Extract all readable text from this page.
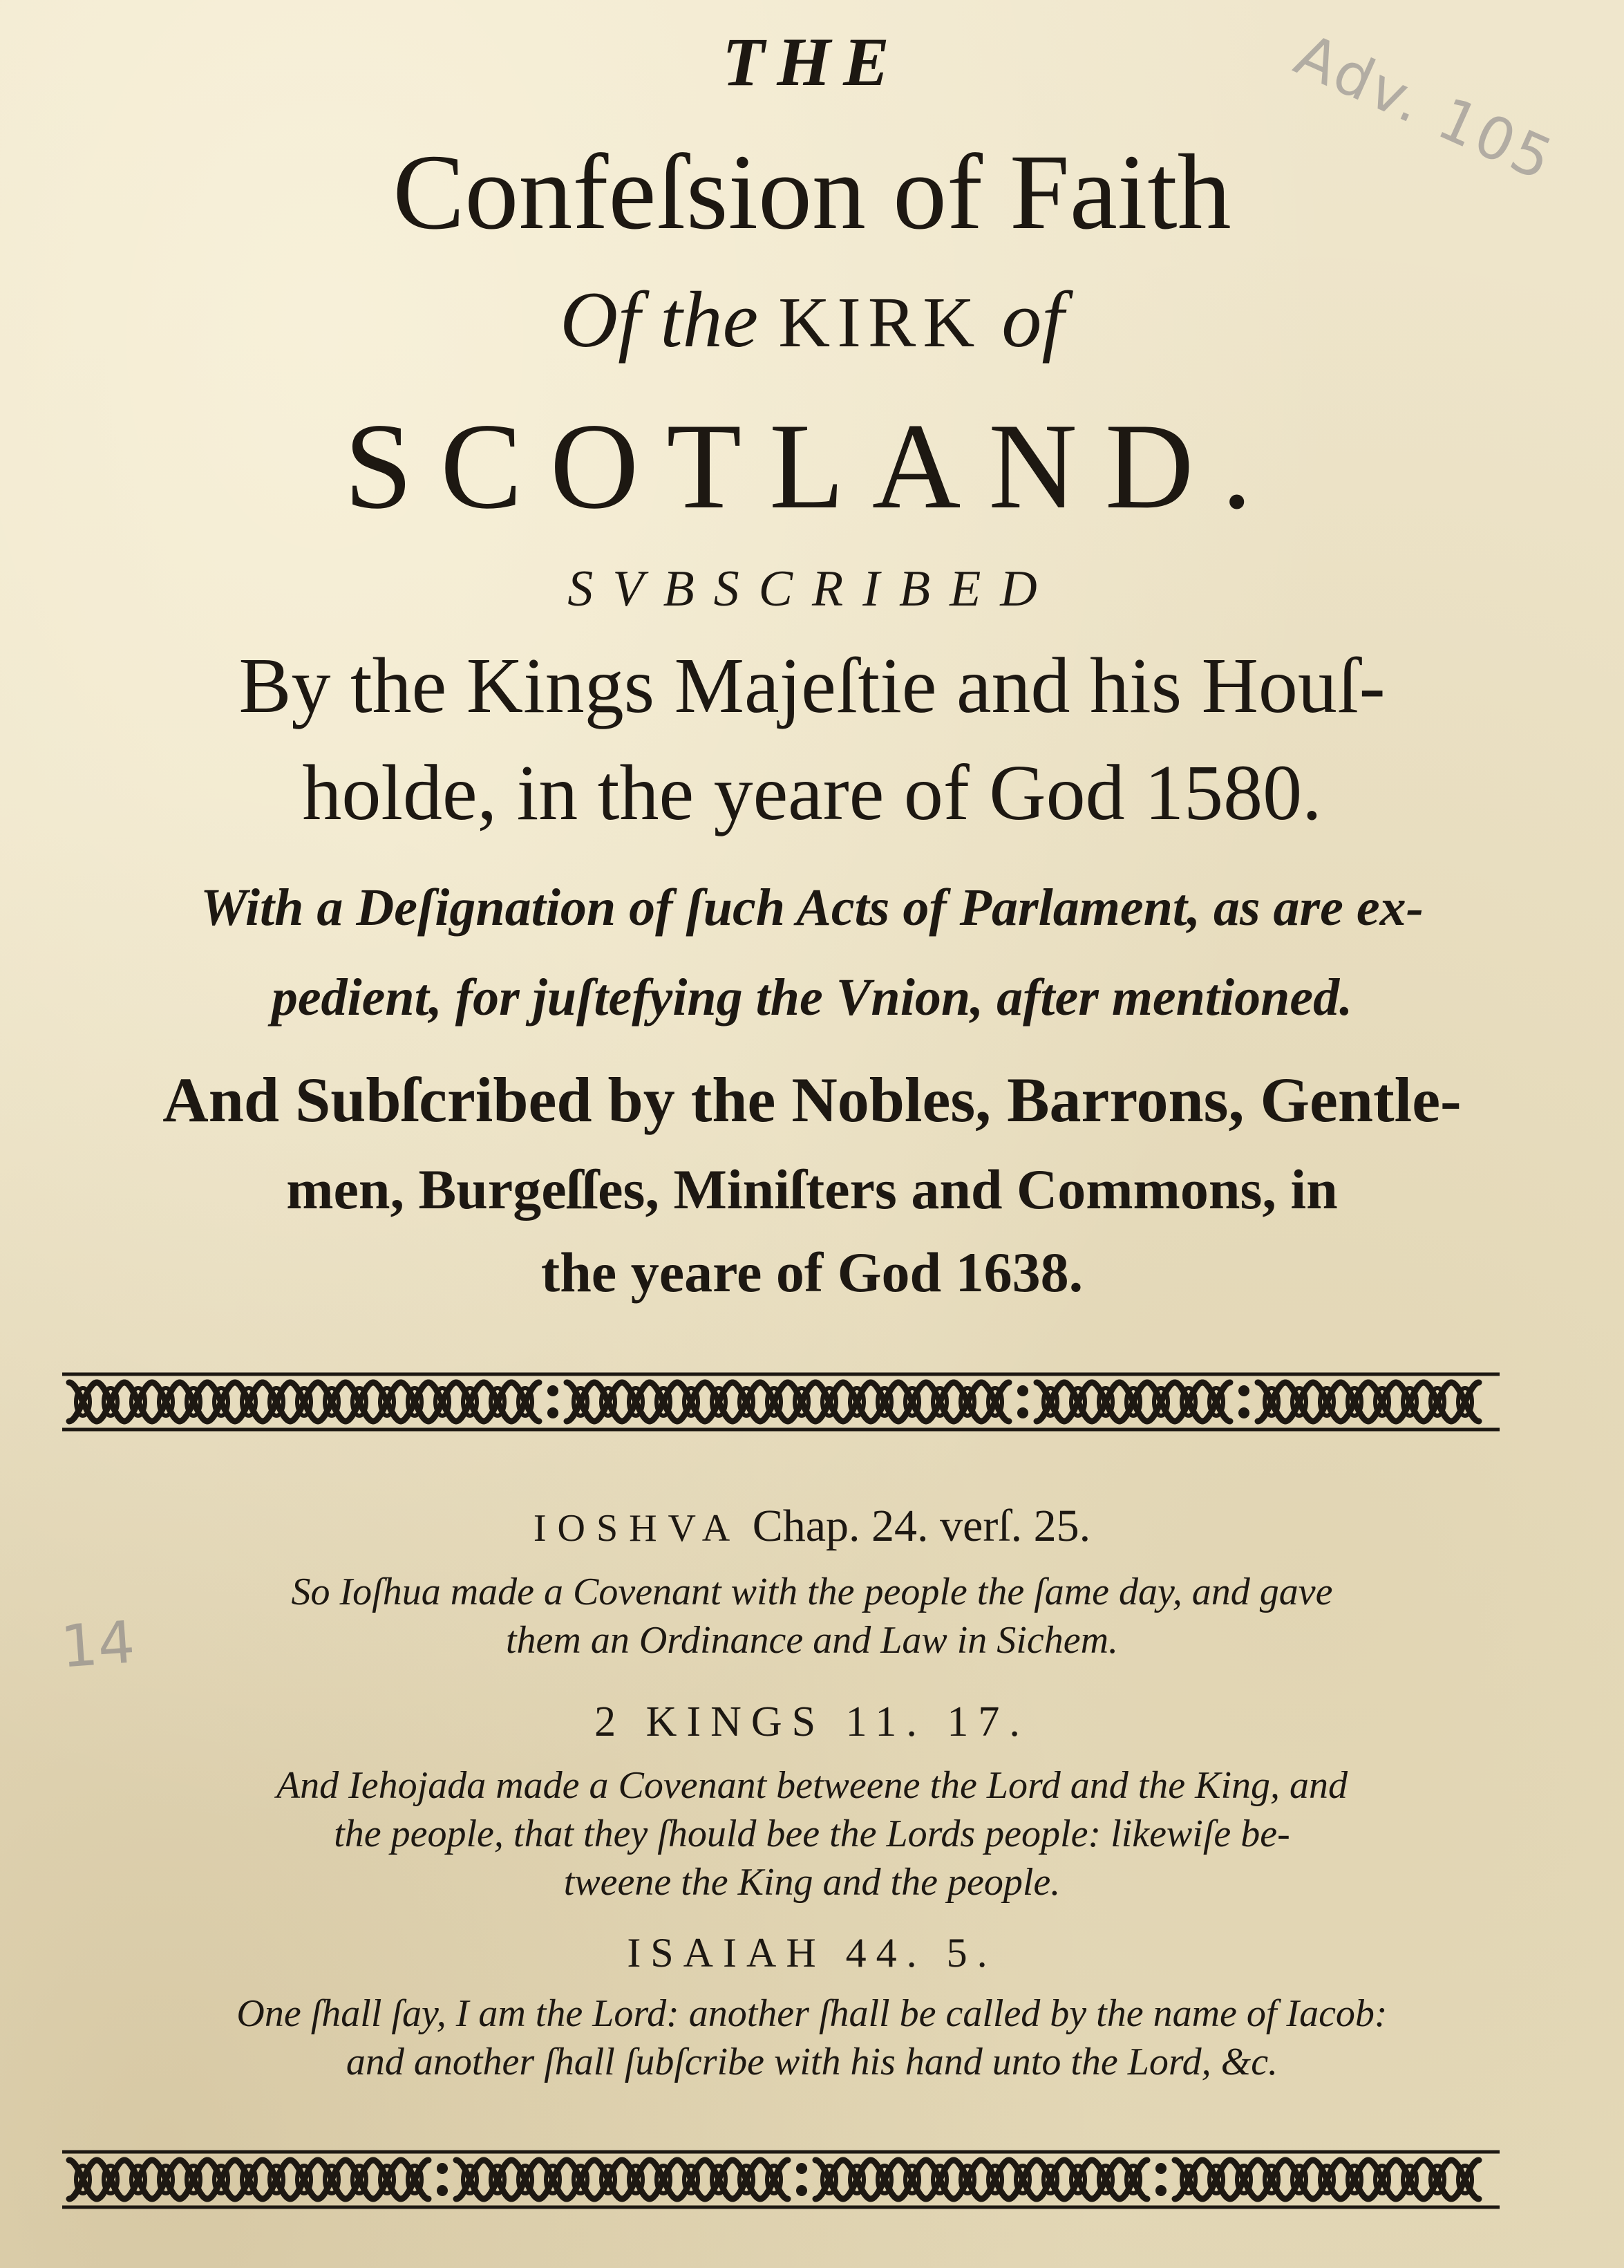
Adv. 105
THE
Confeſsion of Faith
Of the KIRK of
SCOTLAND.
SVBSCRIBED
By the Kings Majeſtie and his Houſ-
holde, in the yeare of God 1580.
With a Deſignation of ſuch Acts of Parlament, as are ex-
pedient, for juſtefying the Vnion, after mentioned.
And Subſcribed by the Nobles, Barrons, Gentle-
men, Burgeſſes, Miniſters and Commons, in
the yeare of God 1638.
IOSHVA Chap. 24. verſ. 25.
So Ioſhua made a Covenant with the people the ſame day, and gave
them an Ordinance and Law in Sichem.
14
2 KINGS 11. 17.
And Iehojada made a Covenant betweene the Lord and the King, and
the people, that they ſhould bee the Lords people: likewiſe be-
tweene the King and the people.
ISAIAH 44. 5.
One ſhall ſay, I am the Lord: another ſhall be called by the name of Iacob:
and another ſhall ſubſcribe with his hand unto the Lord, &c.
